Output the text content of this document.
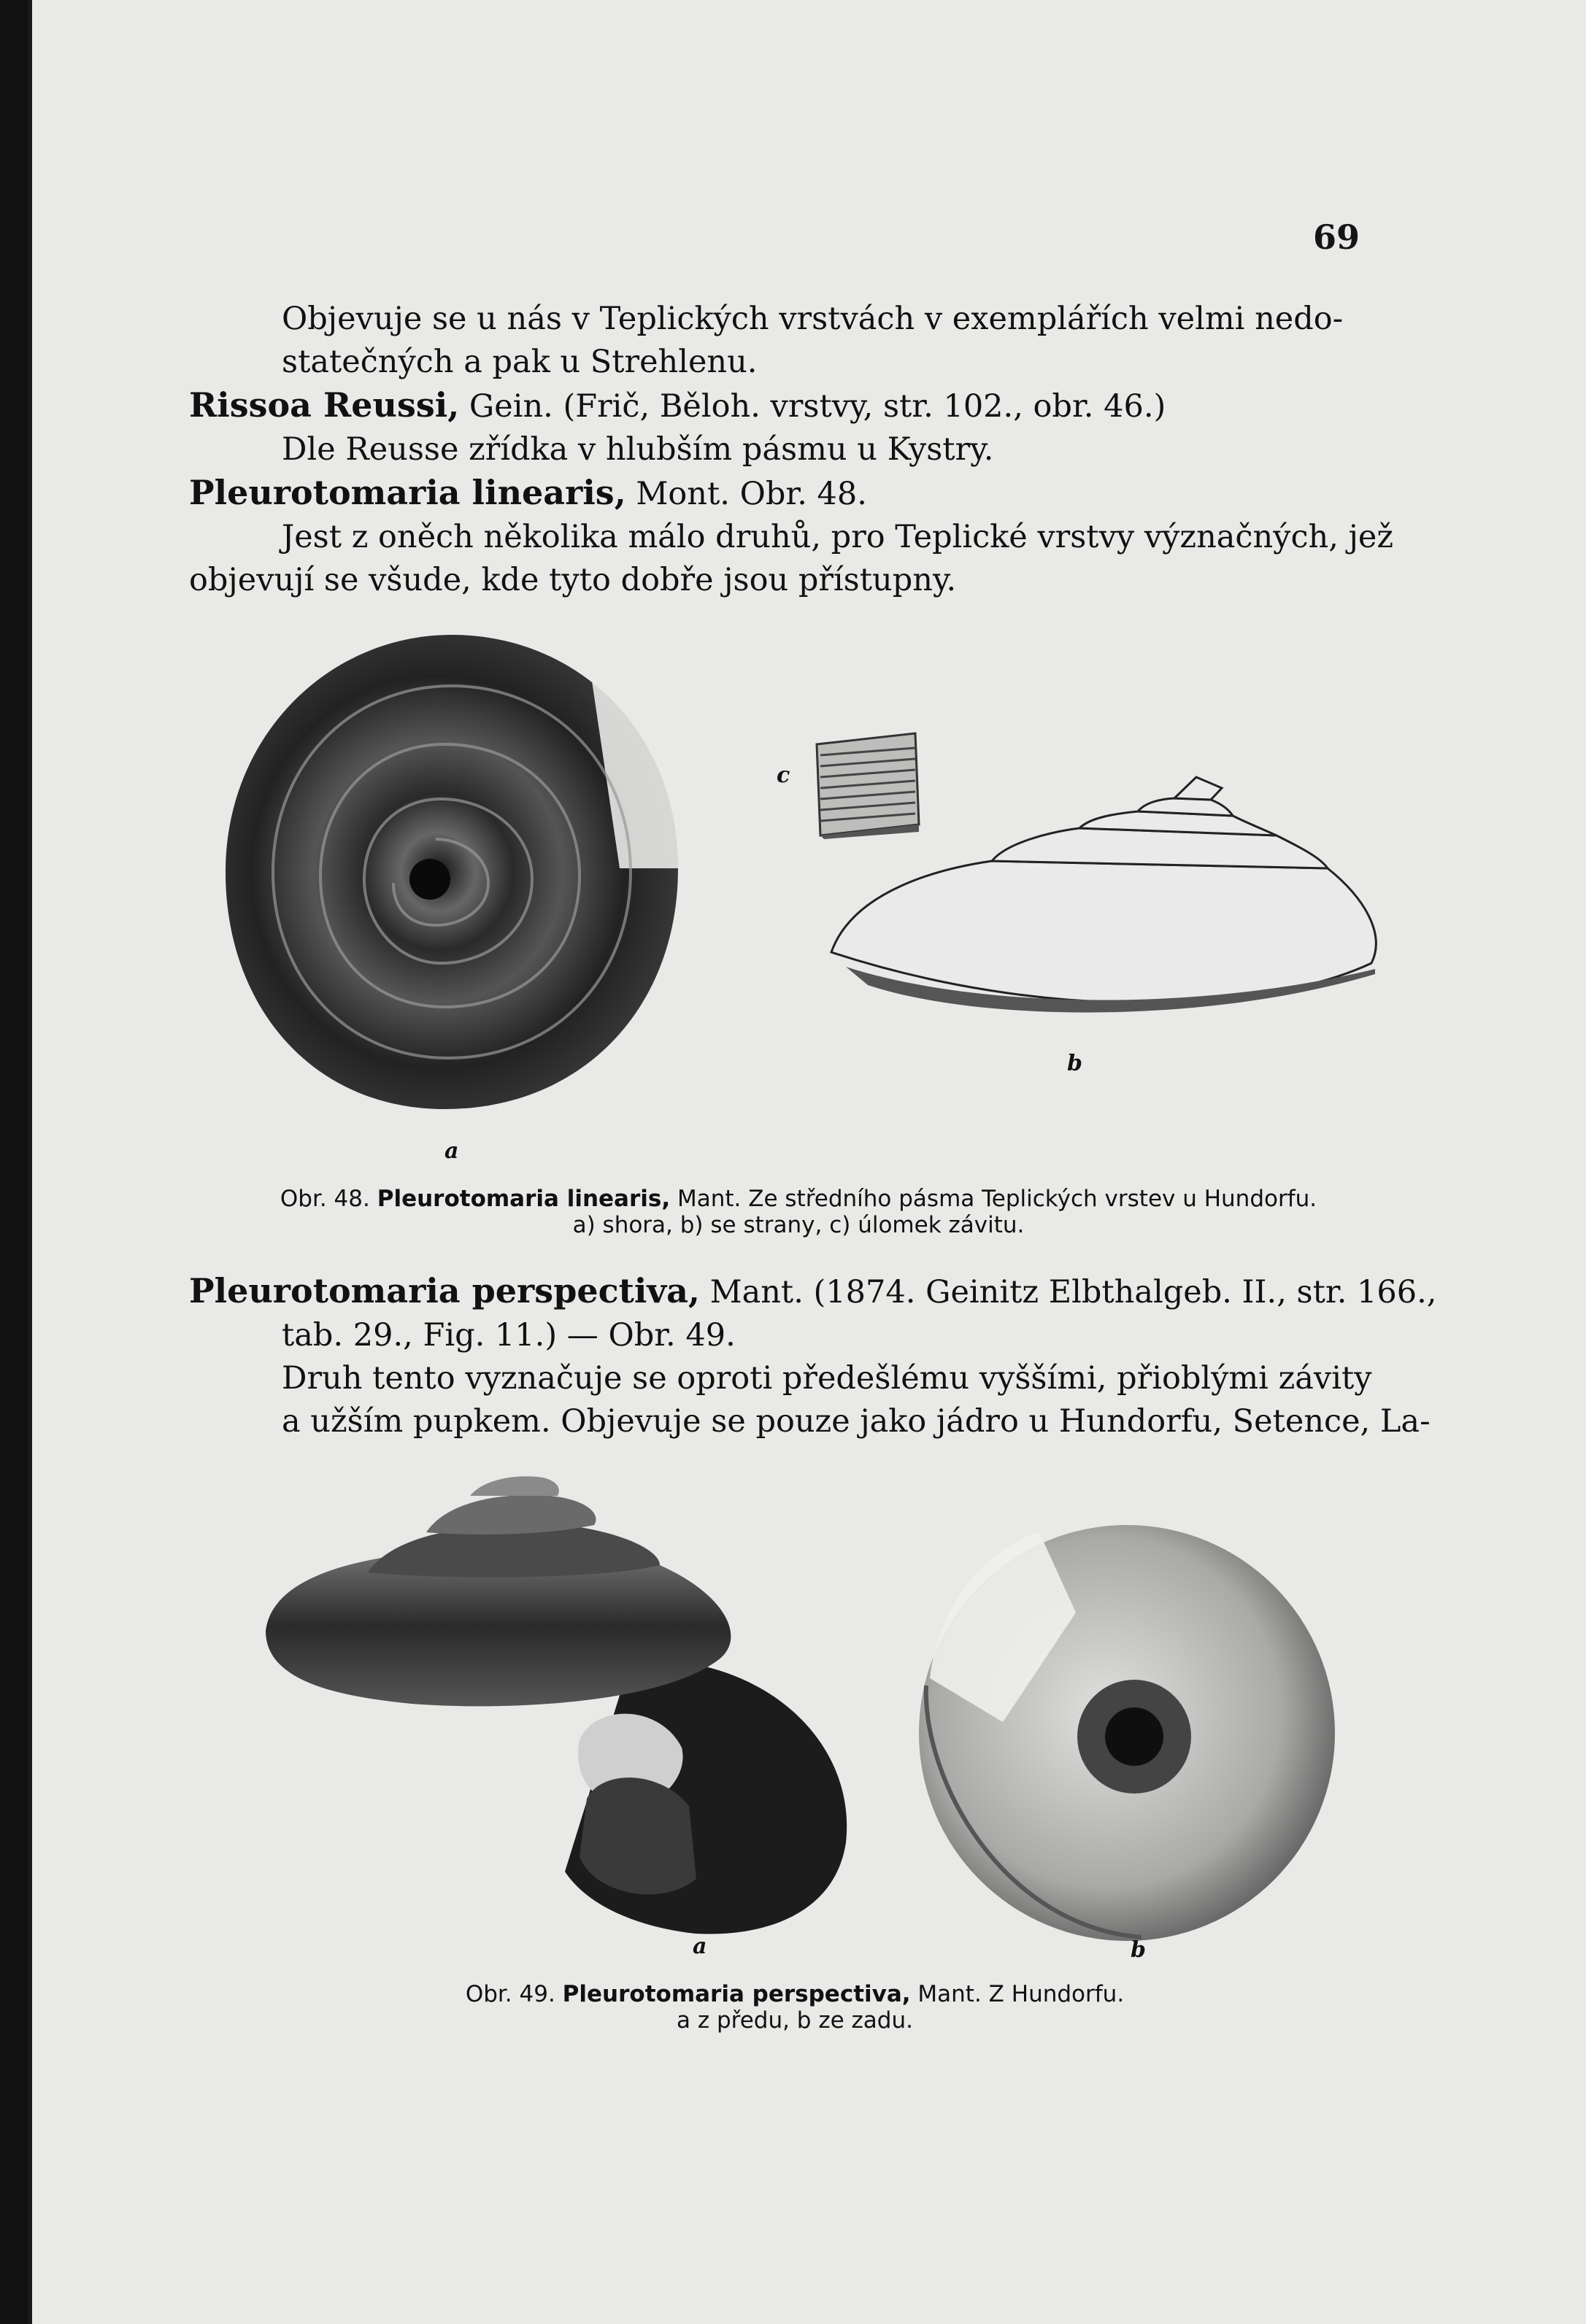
69
Objevuje se u nás v Teplických vrstvách v exemplářích velmi nedo-
statečných a pak u Strehlenu.
Rissoa Reussi, Gein. (Frič, Běloh. vrstvy, str. 102., obr. 46.)
Dle Reusse zřídka v hlubším pásmu u Kystry.
Pleurotomaria linearis, Mont. Obr. 48.
Jest z oněch několika málo druhů, pro Teplické vrstvy význačných, jež
objevují se všude, kde tyto dobře jsou přístupny.
a
c
b
Obr. 48. Pleurotomaria linearis, Mant. Ze středního pásma Teplických vrstev u Hundorfu.
a) shora, b) se strany, c) úlomek závitu.
Pleurotomaria perspectiva, Mant. (1874. Geinitz Elbthalgeb. II., str. 166.,
tab. 29., Fig. 11.) — Obr. 49.
Druh tento vyznačuje se oproti předešlému vyššími, přioblými závity
a užším pupkem. Objevuje se pouze jako jádro u Hundorfu, Setence, La-
a	b
Obr. 49. Pleurotomaria perspectiva, Mant. Z Hundorfu.
a z předu, b ze zadu.
